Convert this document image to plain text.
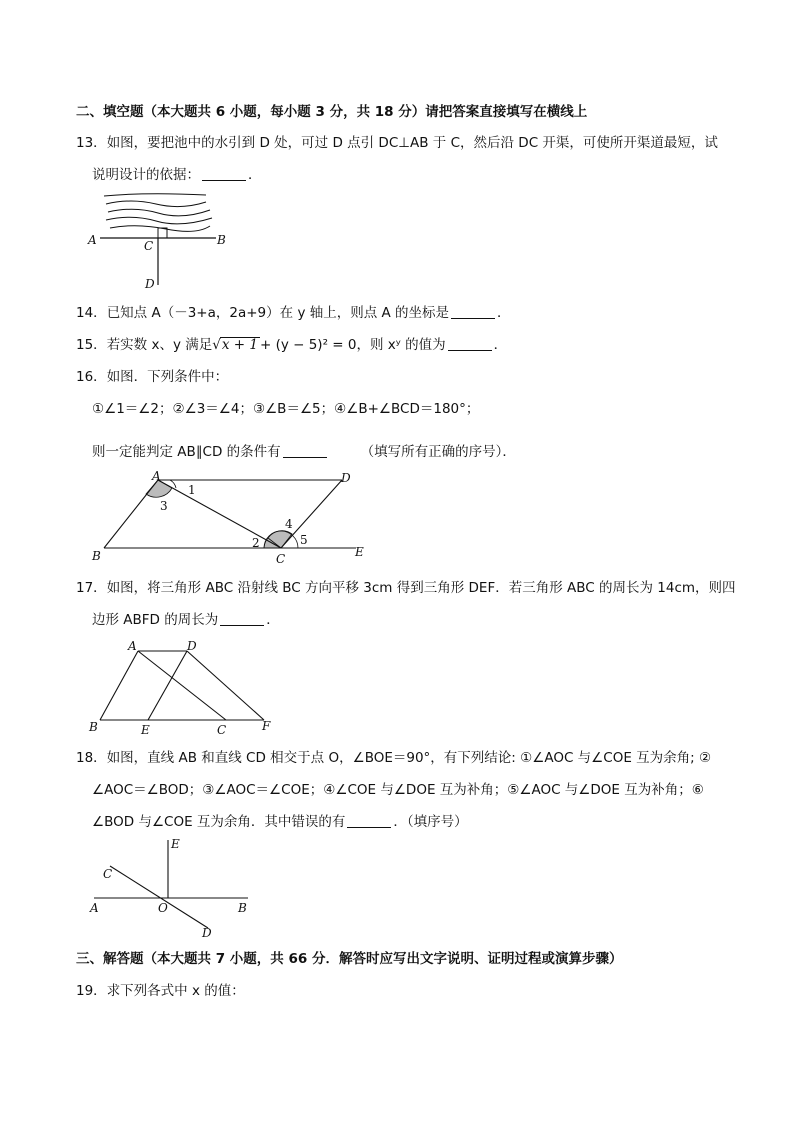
二、填空题（本大题共 6 小题，每小题 3 分，共 18 分）请把答案直接填写在横线上
13．如图，要把池中的水引到 D 处，可过 D 点引 DC⊥AB 于 C，然后沿 DC 开渠，可使所开渠道最短，试
说明设计的依据：	．
A	B
C
D
14．已知点 A（－3+a，2a+9）在 y 轴上，则点 A 的坐标是	．
15．若实数 x、y 满足√x + 1 + (y − 5)² = 0，则 xʸ 的值为	．
16．如图．下列条件中：
①∠1＝∠2；②∠3＝∠4；③∠B＝∠5；④∠B+∠BCD＝180°；
则一定能判定 AB∥CD 的条件有	（填写所有正确的序号）．
A	D
B	C	E
1
3
2
4
5
17．如图，将三角形 ABC 沿射线 BC 方向平移 3cm 得到三角形 DEF．若三角形 ABC 的周长为 14cm，则四
边形 ABFD 的周长为	．
A	D
B	E	C	F
18．如图，直线 AB 和直线 CD 相交于点 O，∠BOE＝90°，有下列结论: ①∠AOC 与∠COE 互为余角; ②
∠AOC＝∠BOD；③∠AOC＝∠COE；④∠COE 与∠DOE 互为补角；⑤∠AOC 与∠DOE 互为补角；⑥
∠BOD 与∠COE 互为余角．其中错误的有	．（填序号）
E
C
A	O	B
D
三、解答题（本大题共 7 小题，共 66 分．解答时应写出文字说明、证明过程或演算步骤）
19．求下列各式中 x 的值：
